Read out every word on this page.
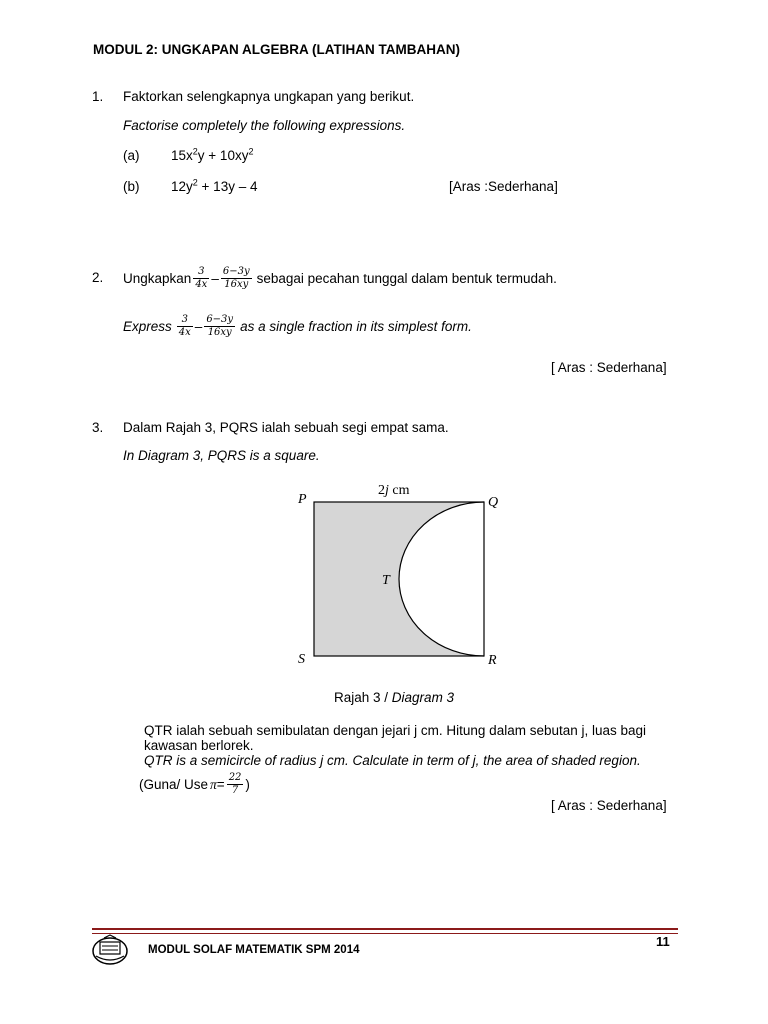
MODUL 2: UNGKAPAN ALGEBRA (LATIHAN TAMBAHAN)
1. Faktorkan selengkapnya ungkapan yang berikut.
Factorise completely the following expressions.
(a) $15x^2y + 10xy^2$
(b) $12y^2 + 13y - 4$	[Aras :Sederhana]
2. Ungkapkan $\frac{3}{4x} - \frac{6-3y}{16xy}$ sebagai pecahan tunggal dalam bentuk termudah.
Express $\frac{3}{4x} - \frac{6-3y}{16xy}$ as a single fraction in its simplest form.
[ Aras : Sederhana]
3. Dalam Rajah 3, PQRS ialah sebuah segi empat sama.
In Diagram 3, PQRS is a square.
2j cm
P	Q
R
S
T
Rajah 3 / Diagram 3
QTR ialah sebuah semibulatan dengan jejari j cm. Hitung dalam sebutan j, luas bagi
kawasan berlorek.
QTR is a semicircle of radius j cm. Calculate in term of j, the area of shaded region.
(Guna/ Use $\pi = \frac{22}{7}$ )
[ Aras : Sederhana]
MODUL SOLAF MATEMATIK SPM 2014
11
